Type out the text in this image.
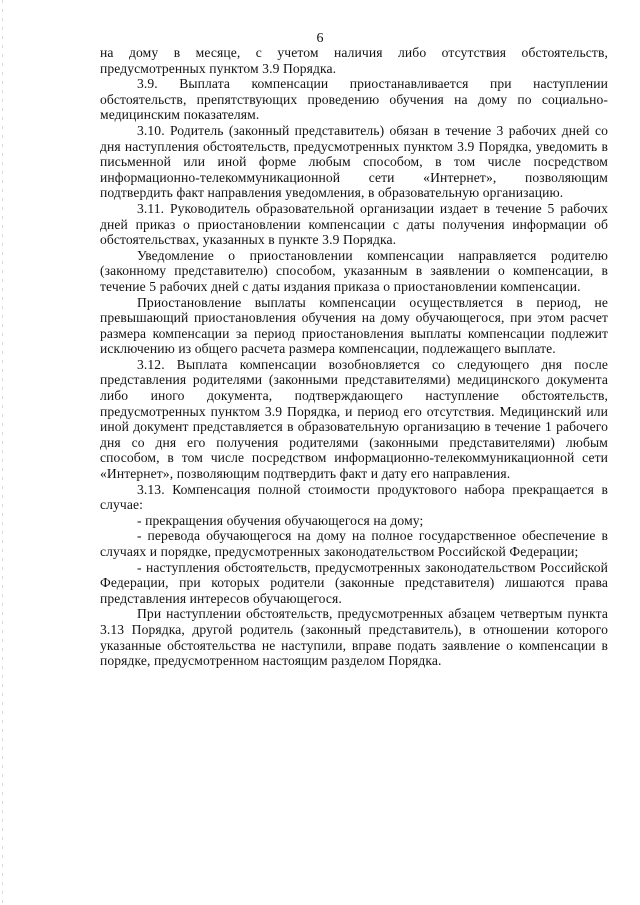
6

на дому в месяце, с учетом наличия либо отсутствия обстоятельств, предусмотренных пунктом 3.9 Порядка.

3.9. Выплата компенсации приостанавливается при наступлении обстоятельств, препятствующих проведению обучения на дому по социально-медицинским показателям.

3.10. Родитель (законный представитель) обязан в течение 3 рабочих дней со дня наступления обстоятельств, предусмотренных пунктом 3.9 Порядка, уведомить в письменной или иной форме любым способом, в том числе посредством информационно-телекоммуникационной сети «Интернет», позволяющим подтвердить факт направления уведомления, в образовательную организацию.

3.11. Руководитель образовательной организации издает в течение 5 рабочих дней приказ о приостановлении компенсации с даты получения информации об обстоятельствах, указанных в пункте 3.9 Порядка.

Уведомление о приостановлении компенсации направляется родителю (законному представителю) способом, указанным в заявлении о компенсации, в течение 5 рабочих дней с даты издания приказа о приостановлении компенсации.

Приостановление выплаты компенсации осуществляется в период, не превышающий приостановления обучения на дому обучающегося, при этом расчет размера компенсации за период приостановления выплаты компенсации подлежит исключению из общего расчета размера компенсации, подлежащего выплате.

3.12. Выплата компенсации возобновляется со следующего дня после представления родителями (законными представителями) медицинского документа либо иного документа, подтверждающего наступление обстоятельств, предусмотренных пунктом 3.9 Порядка, и период его отсутствия. Медицинский или иной документ представляется в образовательную организацию в течение 1 рабочего дня со дня его получения родителями (законными представителями) любым способом, в том числе посредством информационно-телекоммуникационной сети «Интернет», позволяющим подтвердить факт и дату его направления.

3.13. Компенсация полной стоимости продуктового набора прекращается в случае:

- прекращения обучения обучающегося на дому;

- перевода обучающегося на дому на полное государственное обеспечение в случаях и порядке, предусмотренных законодательством Российской Федерации;

- наступления обстоятельств, предусмотренных законодательством Российской Федерации, при которых родители (законные представителя) лишаются права представления интересов обучающегося.

При наступлении обстоятельств, предусмотренных абзацем четвертым пункта 3.13 Порядка, другой родитель (законный представитель), в отношении которого указанные обстоятельства не наступили, вправе подать заявление о компенсации в порядке, предусмотренном настоящим разделом Порядка.
